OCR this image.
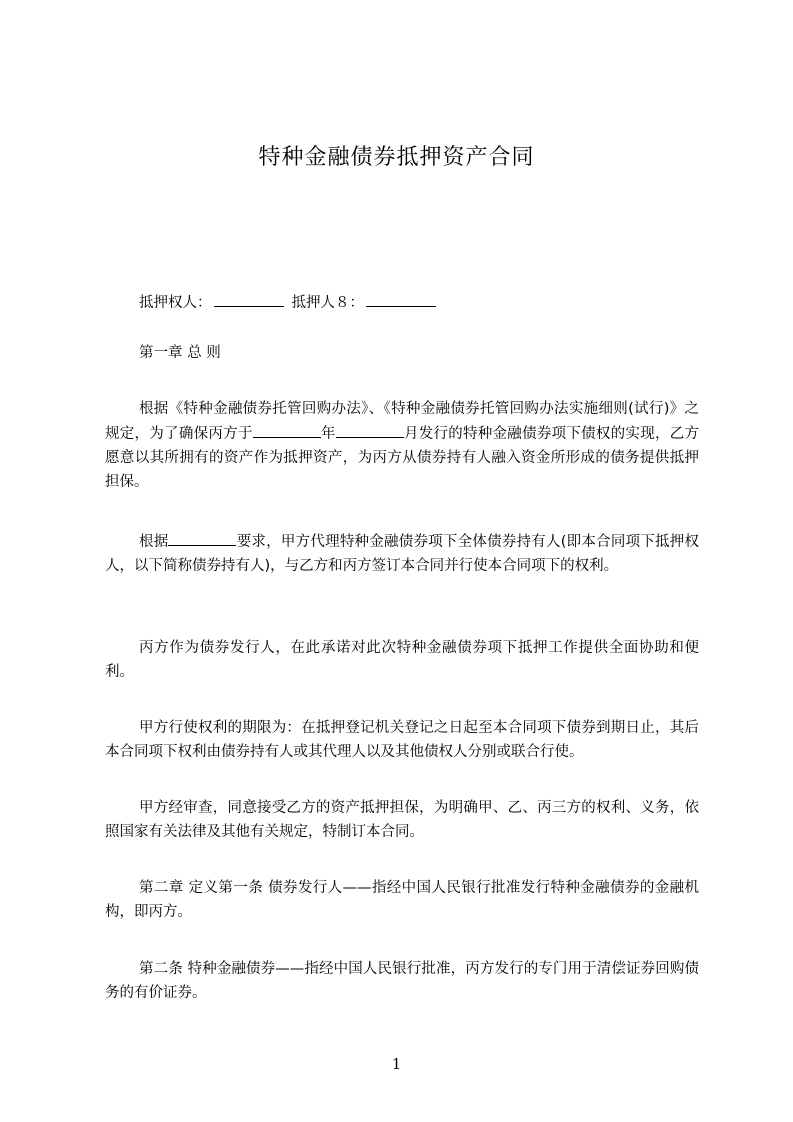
特种金融债券抵押资产合同
抵押权人：	抵押人８：
第一章 总 则
根据《特种金融债券托管回购办法》、《特种金融债券托管回购办法实施细则(试行)》之规定，为了确保丙方于	年	月发行的特种金融债券项下债权的实现，乙方愿意以其所拥有的资产作为抵押资产，为丙方从债券持有人融入资金所形成的债务提供抵押担保。
根据	要求，甲方代理特种金融债券项下全体债券持有人(即本合同项下抵押权人，以下简称债券持有人)，与乙方和丙方签订本合同并行使本合同项下的权利。
丙方作为债券发行人，在此承诺对此次特种金融债券项下抵押工作提供全面协助和便利。
甲方行使权利的期限为：在抵押登记机关登记之日起至本合同项下债券到期日止，其后本合同项下权利由债券持有人或其代理人以及其他债权人分别或联合行使。
甲方经审查，同意接受乙方的资产抵押担保，为明确甲、乙、丙三方的权利、义务，依照国家有关法律及其他有关规定，特制订本合同。
第二章 定义第一条 债券发行人——指经中国人民银行批准发行特种金融债券的金融机构，即丙方。
第二条 特种金融债券——指经中国人民银行批准，丙方发行的专门用于清偿证券回购债务的有价证券。
1
